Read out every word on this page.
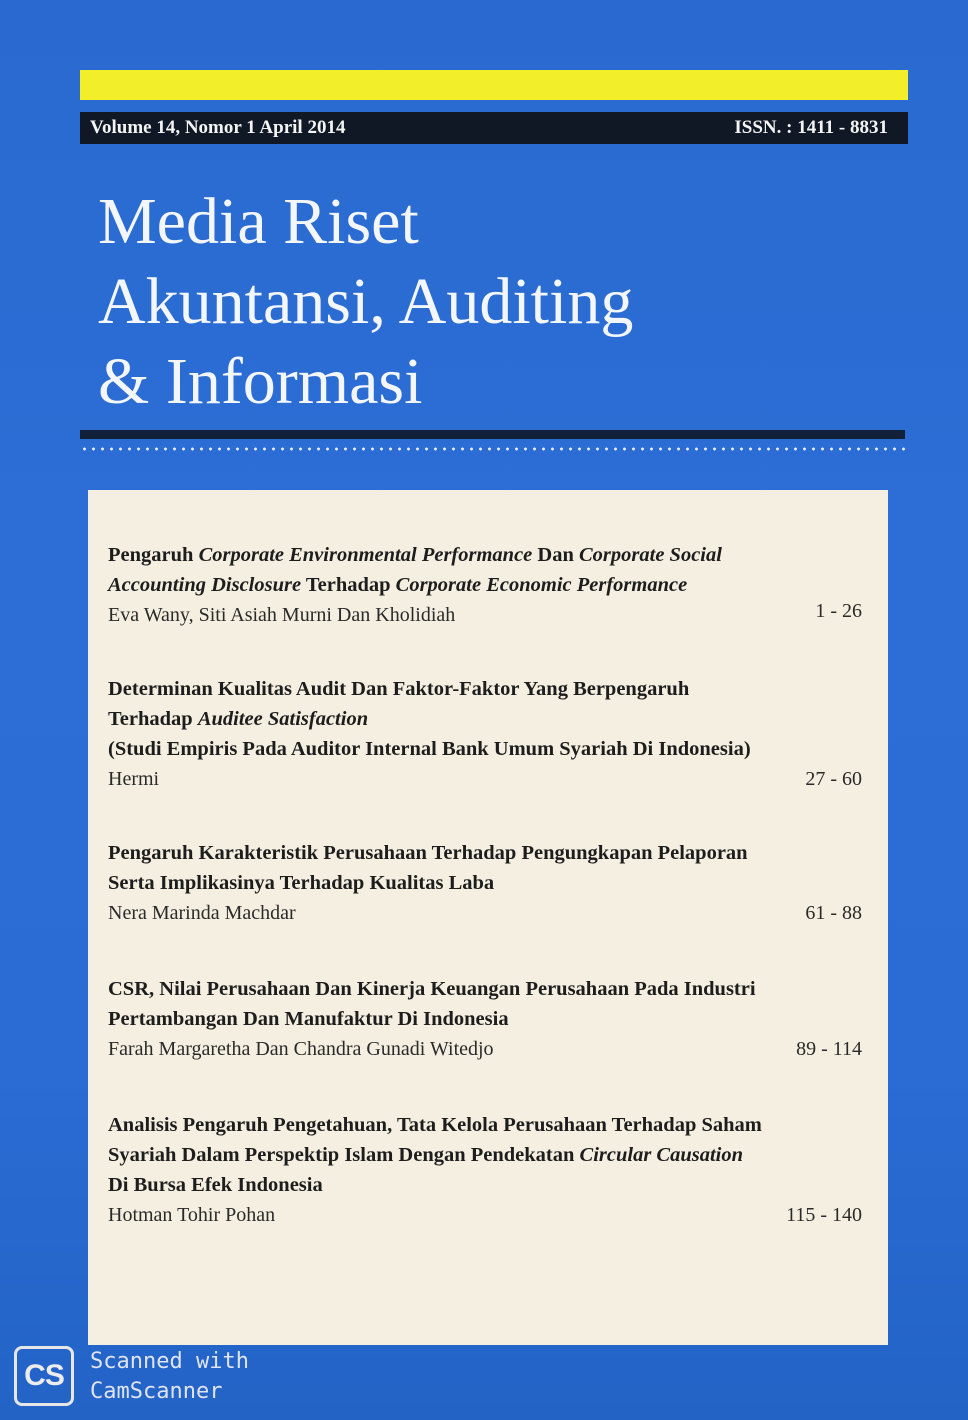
Volume 14, Nomor 1 April 2014	ISSN. : 1411 - 8831
Media Riset
Akuntansi, Auditing
& Informasi
Pengaruh Corporate Environmental Performance Dan Corporate Social
Accounting Disclosure Terhadap Corporate Economic Performance
Eva Wany, Siti Asiah Murni Dan Kholidiah	1 - 26
Determinan Kualitas Audit Dan Faktor-Faktor Yang Berpengaruh
Terhadap Auditee Satisfaction
(Studi Empiris Pada Auditor Internal Bank Umum Syariah Di Indonesia)
Hermi	27 - 60
Pengaruh Karakteristik Perusahaan Terhadap Pengungkapan Pelaporan
Serta Implikasinya Terhadap Kualitas Laba
Nera Marinda Machdar	61 - 88
CSR, Nilai Perusahaan Dan Kinerja Keuangan Perusahaan Pada Industri
Pertambangan Dan Manufaktur Di Indonesia
Farah Margaretha Dan Chandra Gunadi Witedjo	89 - 114
Analisis Pengaruh Pengetahuan, Tata Kelola Perusahaan Terhadap Saham
Syariah Dalam Perspektip Islam Dengan Pendekatan Circular Causation
Di Bursa Efek Indonesia
Hotman Tohir Pohan	115 - 140
CS	Scanned with
CamScanner
